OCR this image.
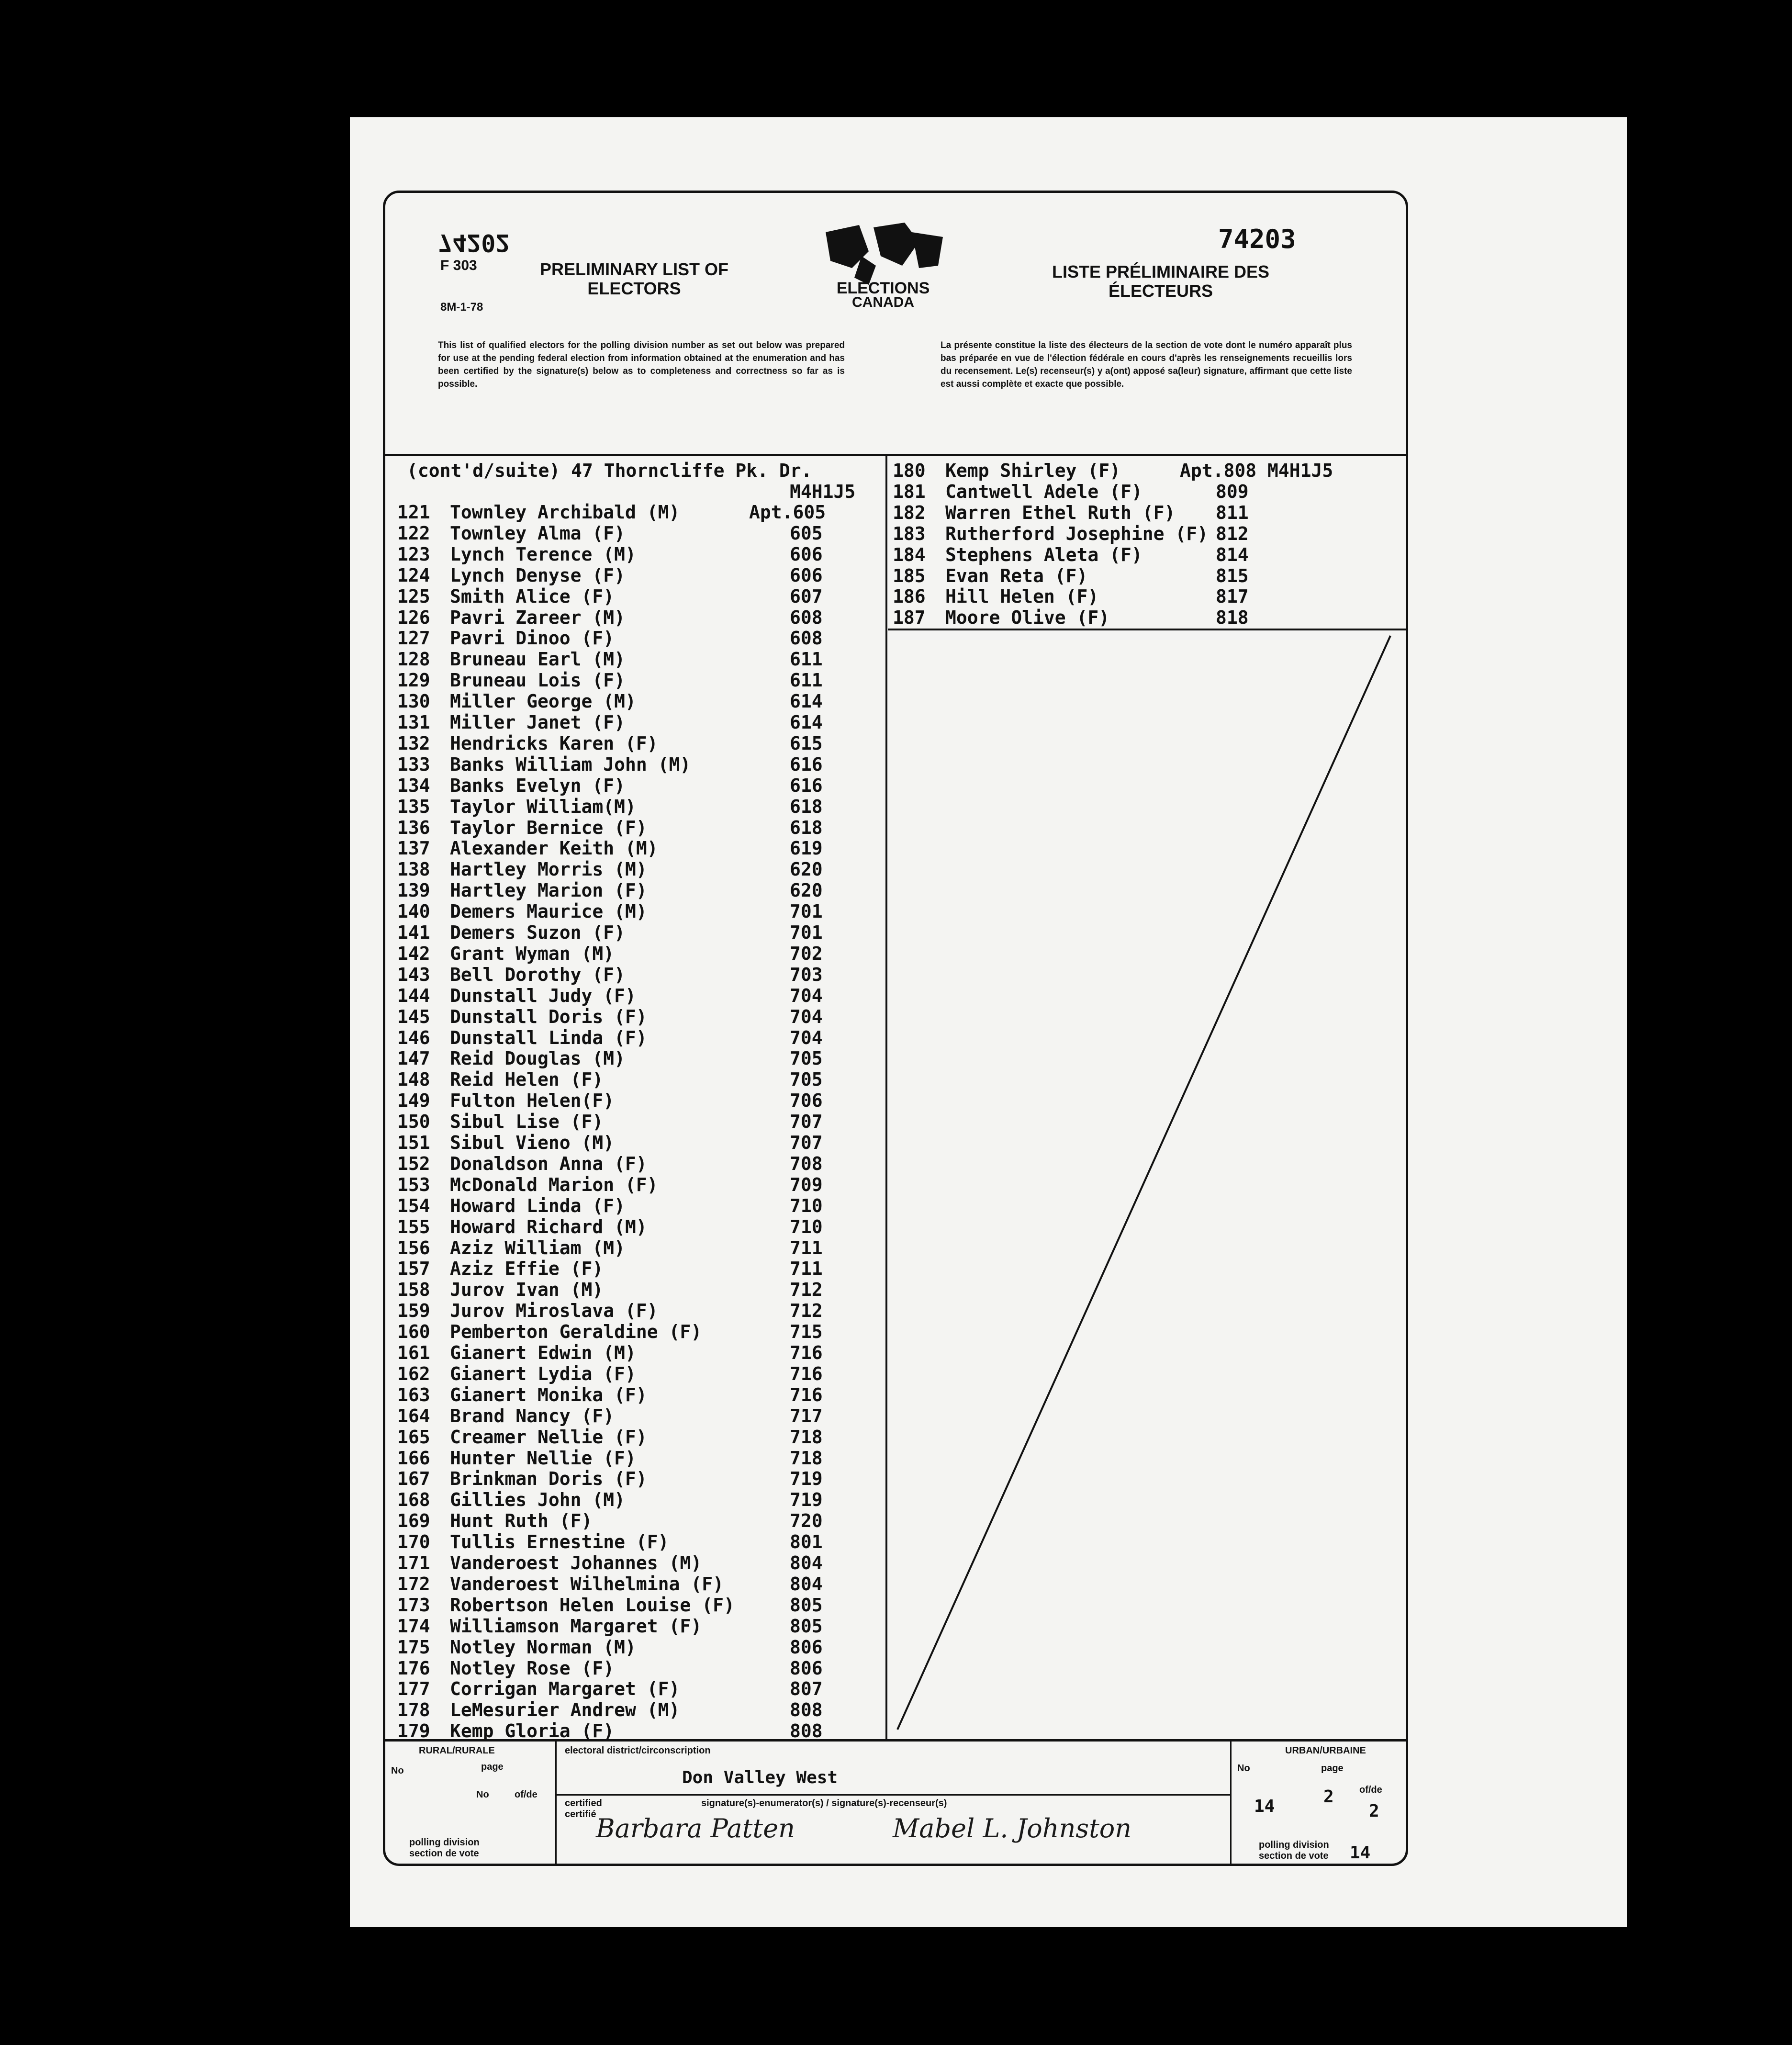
74202
F 303
8M-1-78
PRELIMINARY LIST OF
ELECTORS	ELECTIONS
CANADA
74203
LISTE PRÉLIMINAIRE DES
ÉLECTEURS
This list of qualified electors for the polling division number as set out below was prepared for use at the pending federal election from information obtained at the enumeration and has been certified by the signature(s) below as to completeness and correctness so far as is possible.
La présente constitue la liste des électeurs de la section de vote dont le numéro apparaît plus bas préparée en vue de l'élection fédérale en cours d'après les renseignements recueillis lors du recensement. Le(s) recenseur(s) y a(ont) apposé sa(leur) signature, affirmant que cette liste est aussi complète et exacte que possible.
(cont'd/suite) 47 Thorncliffe Pk. Dr.
M4H1J5
121 Townley Archibald (M)	Apt.605
122 Townley Alma (F)	605
123 Lynch Terence (M)	606
124 Lynch Denyse (F)	606
125 Smith Alice (F)	607
126 Pavri Zareer (M)	608
127 Pavri Dinoo (F)	608
128 Bruneau Earl (M)	611
129 Bruneau Lois (F)	611
130 Miller George (M)	614
131 Miller Janet (F)	614
132 Hendricks Karen (F)	615
133 Banks William John (M)	616
134 Banks Evelyn (F)	616
135 Taylor William(M)	618
136 Taylor Bernice (F)	618
137 Alexander Keith (M)	619
138 Hartley Morris (M)	620
139 Hartley Marion (F)	620
140 Demers Maurice (M)	701
141 Demers Suzon (F)	701
142 Grant Wyman (M)	702
143 Bell Dorothy (F)	703
144 Dunstall Judy (F)	704
145 Dunstall Doris (F)	704
146 Dunstall Linda (F)	704
147 Reid Douglas (M)	705
148 Reid Helen (F)	705
149 Fulton Helen(F)	706
150 Sibul Lise (F)	707
151 Sibul Vieno (M)	707
152 Donaldson Anna (F)	708
153 McDonald Marion (F)	709
154 Howard Linda (F)	710
155 Howard Richard (M)	710
156 Aziz William (M)	711
157 Aziz Effie (F)	711
158 Jurov Ivan (M)	712
159 Jurov Miroslava (F)	712
160 Pemberton Geraldine (F)	715
161 Gianert Edwin (M)	716
162 Gianert Lydia (F)	716
163 Gianert Monika (F)	716
164 Brand Nancy (F)	717
165 Creamer Nellie (F)	718
166 Hunter Nellie (F)	718
167 Brinkman Doris (F)	719
168 Gillies John (M)	719
169 Hunt Ruth (F)	720
170 Tullis Ernestine (F)	801
171 Vanderoest Johannes (M)	804
172 Vanderoest Wilhelmina (F)	804
173 Robertson Helen Louise (F)	805
174 Williamson Margaret (F)	805
175 Notley Norman (M)	806
176 Notley Rose (F)	806
177 Corrigan Margaret (F)	807
178 LeMesurier Andrew (M)	808
179 Kemp Gloria (F)	808
180 Kemp Shirley (F)	Apt.808 M4H1J5
181 Cantwell Adele (F)	809
182 Warren Ethel Ruth (F) 811
183 Rutherford Josephine (F) 812
184 Stephens Aleta (F)	814
185 Evan Reta (F)	815
186 Hill Helen (F)	817
187 Moore Olive (F)	818
RURAL/RURALE
No	page
No	of/de
polling division
section de vote
electoral district/circonscription
Don Valley West
certified
certifié
signature(s)-enumerator(s) / signature(s)-recenseur(s)
Barbara Patten	Mabel L. Johnston
URBAN/URBAINE
No	page
of/de
14	2
2
polling division
section de vote 14
